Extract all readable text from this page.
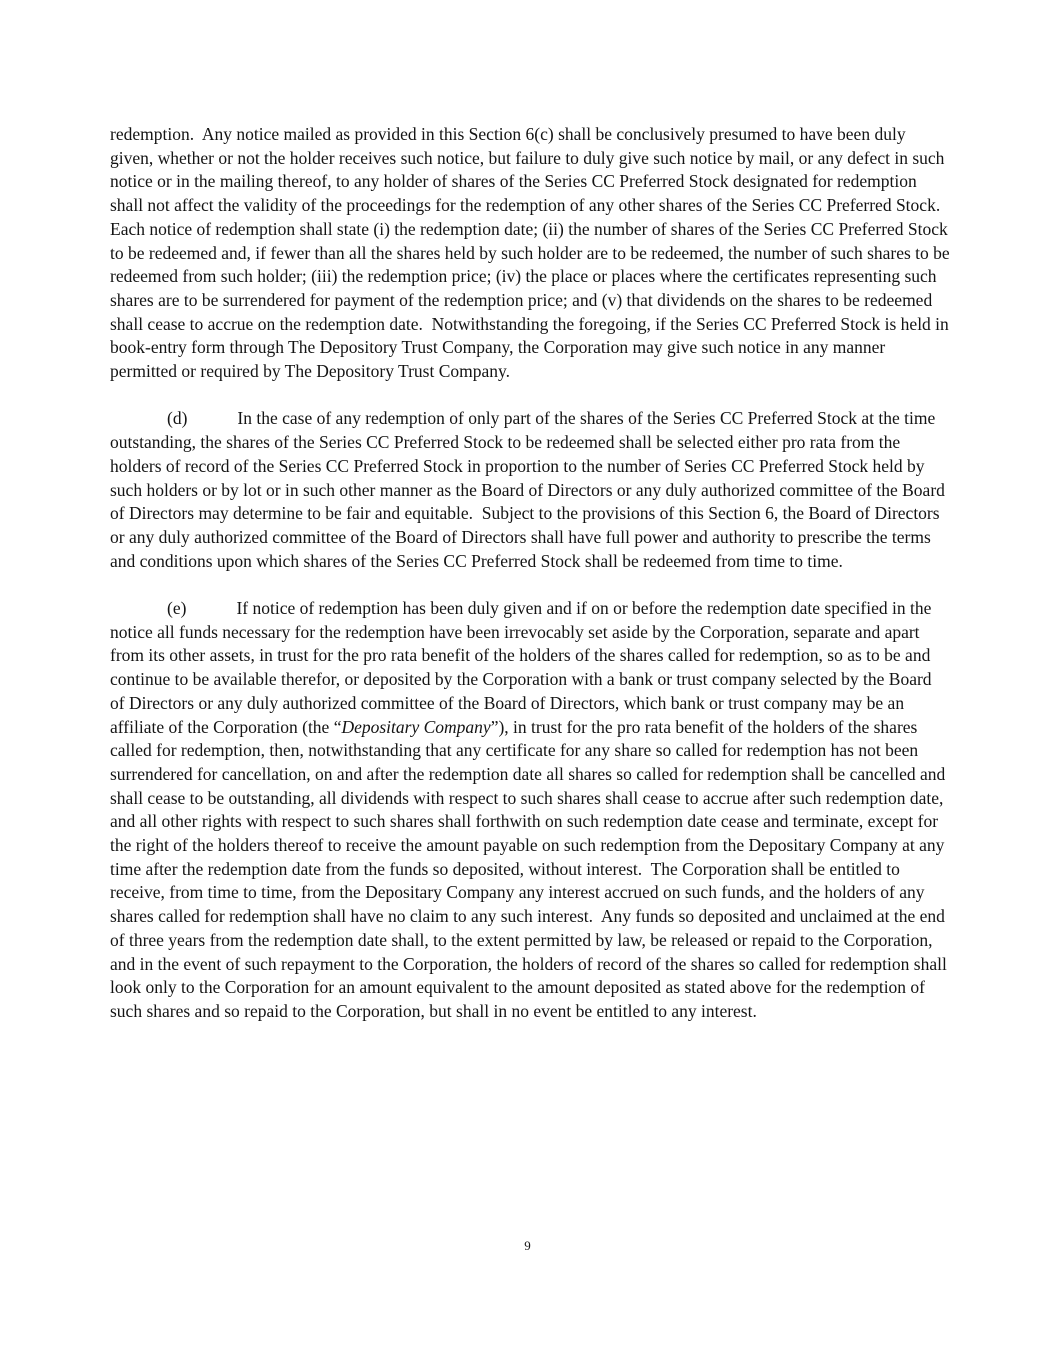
redemption.  Any notice mailed as provided in this Section 6(c) shall be conclusively presumed to have been duly given, whether or not the holder receives such notice, but failure to duly give such notice by mail, or any defect in such notice or in the mailing thereof, to any holder of shares of the Series CC Preferred Stock designated for redemption shall not affect the validity of the proceedings for the redemption of any other shares of the Series CC Preferred Stock.  Each notice of redemption shall state (i) the redemption date; (ii) the number of shares of the Series CC Preferred Stock to be redeemed and, if fewer than all the shares held by such holder are to be redeemed, the number of such shares to be redeemed from such holder; (iii) the redemption price; (iv) the place or places where the certificates representing such shares are to be surrendered for payment of the redemption price; and (v) that dividends on the shares to be redeemed shall cease to accrue on the redemption date.  Notwithstanding the foregoing, if the Series CC Preferred Stock is held in book-entry form through The Depository Trust Company, the Corporation may give such notice in any manner permitted or required by The Depository Trust Company.

(d)	In the case of any redemption of only part of the shares of the Series CC Preferred Stock at the time outstanding, the shares of the Series CC Preferred Stock to be redeemed shall be selected either pro rata from the holders of record of the Series CC Preferred Stock in proportion to the number of Series CC Preferred Stock held by such holders or by lot or in such other manner as the Board of Directors or any duly authorized committee of the Board of Directors may determine to be fair and equitable.  Subject to the provisions of this Section 6, the Board of Directors or any duly authorized committee of the Board of Directors shall have full power and authority to prescribe the terms and conditions upon which shares of the Series CC Preferred Stock shall be redeemed from time to time.

(e)	If notice of redemption has been duly given and if on or before the redemption date specified in the notice all funds necessary for the redemption have been irrevocably set aside by the Corporation, separate and apart from its other assets, in trust for the pro rata benefit of the holders of the shares called for redemption, so as to be and continue to be available therefor, or deposited by the Corporation with a bank or trust company selected by the Board of Directors or any duly authorized committee of the Board of Directors, which bank or trust company may be an affiliate of the Corporation (the “Depositary Company”), in trust for the pro rata benefit of the holders of the shares called for redemption, then, notwithstanding that any certificate for any share so called for redemption has not been surrendered for cancellation, on and after the redemption date all shares so called for redemption shall be cancelled and shall cease to be outstanding, all dividends with respect to such shares shall cease to accrue after such redemption date, and all other rights with respect to such shares shall forthwith on such redemption date cease and terminate, except for the right of the holders thereof to receive the amount payable on such redemption from the Depositary Company at any time after the redemption date from the funds so deposited, without interest.  The Corporation shall be entitled to receive, from time to time, from the Depositary Company any interest accrued on such funds, and the holders of any shares called for redemption shall have no claim to any such interest.  Any funds so deposited and unclaimed at the end of three years from the redemption date shall, to the extent permitted by law, be released or repaid to the Corporation, and in the event of such repayment to the Corporation, the holders of record of the shares so called for redemption shall look only to the Corporation for an amount equivalent to the amount deposited as stated above for the redemption of such shares and so repaid to the Corporation, but shall in no event be entitled to any interest.

9
